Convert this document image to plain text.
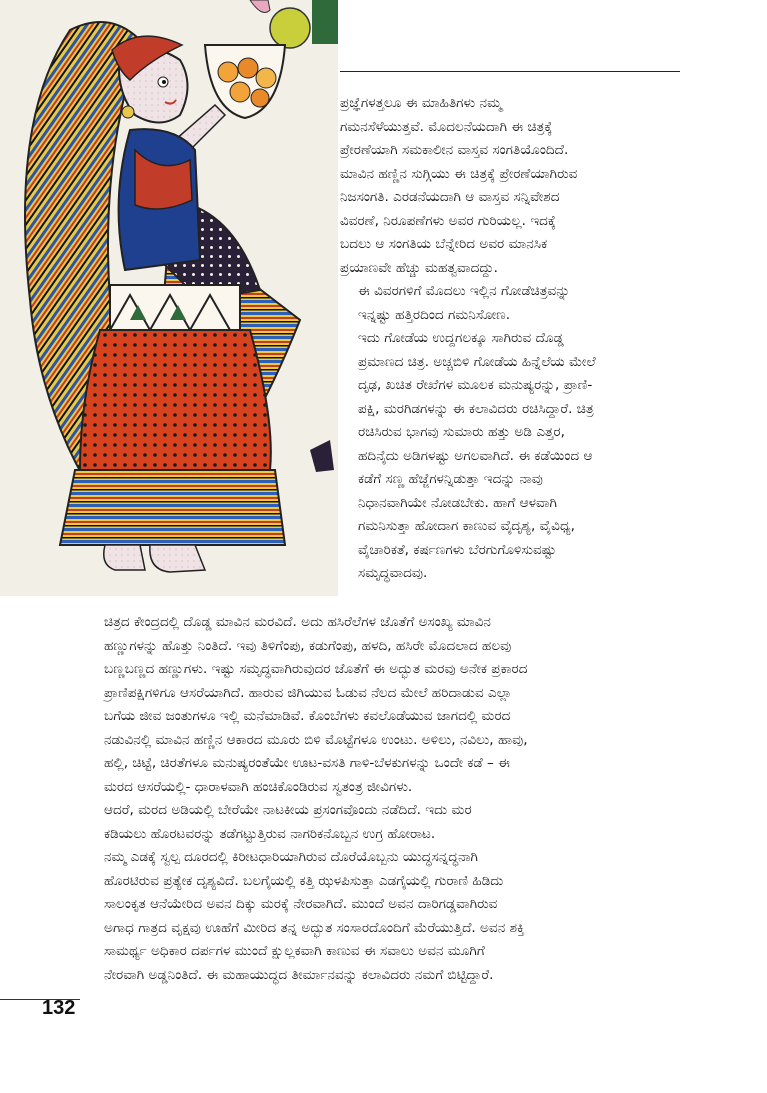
ಪ್ರಜ್ಞೆಗಳತ್ತಲೂ ಈ ಮಾಹಿತಿಗಳು ನಮ್ಮ
ಗಮನಸೆಳೆಯುತ್ತವೆ. ಮೊದಲನೆಯದಾಗಿ ಈ ಚಿತ್ರಕ್ಕೆ
ಪ್ರೇರಣೆಯಾಗಿ ಸಮಕಾಲೀನ ವಾಸ್ತವ ಸಂಗತಿಯೊಂದಿದೆ.
ಮಾವಿನ ಹಣ್ಣಿನ ಸುಗ್ಗಿಯು ಈ ಚಿತ್ರಕ್ಕೆ ಪ್ರೇರಣೆಯಾಗಿರುವ
ನಿಜಸಂಗತಿ. ಎರಡನೆಯದಾಗಿ ಆ ವಾಸ್ತವ ಸನ್ನಿವೇಶದ
ವಿವರಣೆ, ನಿರೂಪಣೆಗಳು ಅವರ ಗುರಿಯಲ್ಲ. ಇದಕ್ಕೆ
ಬದಲು ಆ ಸಂಗತಿಯ ಬೆನ್ನೇರಿದ ಅವರ ಮಾನಸಿಕ
ಪ್ರಯಾಣವೇ ಹೆಚ್ಚು ಮಹತ್ವವಾದದ್ದು.

ಈ ವಿವರಗಳಿಗೆ ಮೊದಲು ಇಲ್ಲಿನ ಗೋಡೆಚಿತ್ರವನ್ನು
ಇನ್ನಷ್ಟು ಹತ್ತಿರದಿಂದ ಗಮನಿಸೋಣ.

ಇದು ಗೋಡೆಯ ಉದ್ದಗಲಕ್ಕೂ ಸಾಗಿರುವ ದೊಡ್ಡ
ಪ್ರಮಾಣದ ಚಿತ್ರ. ಅಚ್ಚಬಿಳಿ ಗೋಡೆಯ ಹಿನ್ನೆಲೆಯ ಮೇಲೆ
ದೃಢ, ಖಚಿತ ರೇಖೆಗಳ ಮೂಲಕ ಮನುಷ್ಯರನ್ನು, ಪ್ರಾಣಿ-
ಪಕ್ಷಿ, ಮರಗಿಡಗಳನ್ನು ಈ ಕಲಾವಿದರು ರಚಿಸಿದ್ದಾರೆ. ಚಿತ್ರ
ರಚಿಸಿರುವ ಭಾಗವು ಸುಮಾರು ಹತ್ತು ಅಡಿ ಎತ್ತರ,
ಹದಿನೈದು ಅಡಿಗಳಷ್ಟು ಅಗಲವಾಗಿದೆ. ಈ ಕಡೆಯಿಂದ ಆ
ಕಡೆಗೆ ಸಣ್ಣ ಹೆಜ್ಜೆಗಳನ್ನಿಡುತ್ತಾ ಇದನ್ನು ನಾವು
ನಿಧಾನವಾಗಿಯೇ ನೋಡಬೇಕು. ಹಾಗೆ ಆಳವಾಗಿ
ಗಮನಿಸುತ್ತಾ ಹೋದಾಗ ಕಾಣುವ ವೈದೃಶ್ಯ, ವೈವಿಧ್ಯ,
ವೈಚಾರಿಕತೆ, ಕರ್ಷಣಗಳು ಬೆರಗುಗೊಳಿಸುವಷ್ಟು
ಸಮೃದ್ಧವಾದವು.

ಚಿತ್ರದ ಕೇಂದ್ರದಲ್ಲಿ ದೊಡ್ಡ ಮಾವಿನ ಮರವಿದೆ. ಅದು ಹಸಿರೆಲೆಗಳ ಜೊತೆಗೆ ಅಸಂಖ್ಯ ಮಾವಿನ
ಹಣ್ಣುಗಳನ್ನು ಹೊತ್ತು ನಿಂತಿದೆ. ಇವು ತಿಳಿಗೆಂಪು, ಕಡುಗೆಂಪು, ಹಳದಿ, ಹಸಿರೇ ಮೊದಲಾದ ಹಲವು
ಬಣ್ಣಬಣ್ಣದ ಹಣ್ಣುಗಳು. ಇಷ್ಟು ಸಮೃದ್ಧವಾಗಿರುವುದರ ಜೊತೆಗೆ ಈ ಅದ್ಭುತ ಮರವು ಅನೇಕ ಪ್ರಕಾರದ
ಪ್ರಾಣಿಪಕ್ಷಿಗಳಿಗೂ ಆಸರೆಯಾಗಿದೆ. ಹಾರುವ ಜಿಗಿಯುವ ಓಡುವ ನೆಲದ ಮೇಲೆ ಹರಿದಾಡುವ ಎಲ್ಲಾ
ಬಗೆಯ ಜೀವ ಜಂತುಗಳೂ ಇಲ್ಲಿ ಮನೆಮಾಡಿವೆ. ಕೊಂಬೆಗಳು ಕವಲೊಡೆಯುವ ಜಾಗದಲ್ಲಿ ಮರದ
ನಡುವಿನಲ್ಲಿ ಮಾವಿನ ಹಣ್ಣಿನ ಆಕಾರದ ಮೂರು ಬಿಳಿ ಮೊಟ್ಟೆಗಳೂ ಉಂಟು. ಅಳಿಲು, ನವಿಲು, ಹಾವು,
ಹಲ್ಲಿ, ಚಿಟ್ಟೆ, ಚಿರತೆಗಳೂ ಮನುಷ್ಯರಂತೆಯೇ ಊಟ-ವಸತಿ ಗಾಳಿ-ಬೆಳಕುಗಳನ್ನು ಒಂದೇ ಕಡೆ – ಈ
ಮರದ ಆಸರೆಯಲ್ಲಿ- ಧಾರಾಳವಾಗಿ ಹಂಚಿಕೊಂಡಿರುವ ಸ್ವತಂತ್ರ ಜೀವಿಗಳು.

ಆದರೆ, ಮರದ ಅಡಿಯಲ್ಲಿ ಬೇರೆಯೇ ನಾಟಕೀಯ ಪ್ರಸಂಗವೊಂದು ನಡೆದಿದೆ. ಇದು ಮರ
ಕಡಿಯಲು ಹೊರಟವರನ್ನು ತಡೆಗಟ್ಟುತ್ತಿರುವ ನಾಗರಿಕನೊಬ್ಬನ ಉಗ್ರ ಹೋರಾಟ.

ನಮ್ಮ ಎಡಕ್ಕೆ ಸ್ವಲ್ಪ ದೂರದಲ್ಲಿ ಕಿರೀಟಧಾರಿಯಾಗಿರುವ ದೊರೆಯೊಬ್ಬನು ಯುದ್ಧಸನ್ನದ್ಧನಾಗಿ
ಹೊರಟಿರುವ ಪ್ರತ್ಯೇಕ ದೃಶ್ಯವಿದೆ. ಬಲಗೈಯಲ್ಲಿ ಕತ್ತಿ ಝಳಪಿಸುತ್ತಾ ಎಡಗೈಯಲ್ಲಿ ಗುರಾಣಿ ಹಿಡಿದು
ಸಾಲಂಕೃತ ಆನೆಯೇರಿದ ಅವನ ದಿಕ್ಕು ಮರಕ್ಕೆ ನೇರವಾಗಿದೆ. ಮುಂದೆ ಅವನ ದಾರಿಗಡ್ಡವಾಗಿರುವ
ಅಗಾಧ ಗಾತ್ರದ ವೃಕ್ಷವು ಊಹೆಗೆ ಮೀರಿದ ತನ್ನ ಅದ್ಭುತ ಸಂಸಾರದೊಂದಿಗೆ ಮೆರೆಯುತ್ತಿದೆ. ಅವನ ಶಕ್ತಿ
ಸಾಮರ್ಥ್ಯ ಅಧಿಕಾರ ದರ್ಪಗಳ ಮುಂದೆ ಕ್ಷುಲ್ಲಕವಾಗಿ ಕಾಣುವ ಈ ಸವಾಲು ಅವನ ಮೂಗಿಗೆ
ನೇರವಾಗಿ ಅಡ್ಡನಿಂತಿದೆ. ಈ ಮಹಾಯುದ್ಧದ ತೀರ್ಮಾನವನ್ನು ಕಲಾವಿದರು ನಮಗೆ ಬಿಟ್ಟಿದ್ದಾರೆ.

132
